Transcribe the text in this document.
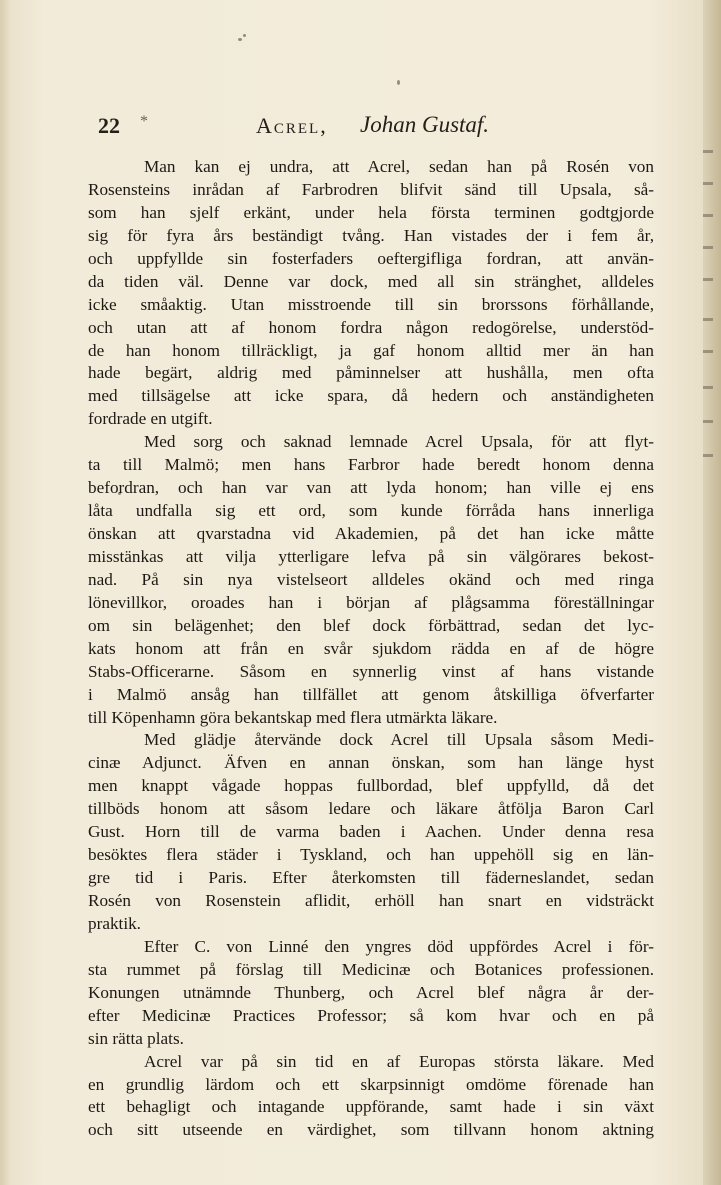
22 *	Acrel, Johan Gustaf.
Man kan ej undra, att Acrel, sedan han på Rosén von
Rosensteins inrådan af Farbrodren blifvit sänd till Upsala, så-
som han sjelf erkänt, under hela första terminen godtgjorde
sig för fyra års beständigt tvång. Han vistades der i fem år,
och uppfyllde sin fosterfaders oeftergifliga fordran, att använ-
da tiden väl. Denne var dock, med all sin stränghet, alldeles
icke småaktig. Utan misstroende till sin brorssons förhållande,
och utan att af honom fordra någon redogörelse, understöd-
de han honom tillräckligt, ja gaf honom alltid mer än han
hade begärt, aldrig med påminnelser att hushålla, men ofta
med tillsägelse att icke spara, då hedern och anständigheten
fordrade en utgift.
Med sorg och saknad lemnade Acrel Upsala, för att flyt-
ta till Malmö; men hans Farbror hade beredt honom denna
befordran, och han var van att lyda honom; han ville ej ens
låta undfalla sig ett ord, som kunde förråda hans innerliga
önskan att qvarstadna vid Akademien, på det han icke måtte
misstänkas att vilja ytterligare lefva på sin välgörares bekost-
nad. På sin nya vistelseort alldeles okänd och med ringa
lönevillkor, oroades han i början af plågsamma föreställningar
om sin belägenhet; den blef dock förbättrad, sedan det lyc-
kats honom att från en svår sjukdom rädda en af de högre
Stabs-Officerarne. Såsom en synnerlig vinst af hans vistande
i Malmö ansåg han tillfället att genom åtskilliga öfverfarter
till Köpenhamn göra bekantskap med flera utmärkta läkare.
Med glädje återvände dock Acrel till Upsala såsom Medi-
cinæ Adjunct. Äfven en annan önskan, som han länge hyst
men knappt vågade hoppas fullbordad, blef uppfylld, då det
tillböds honom att såsom ledare och läkare åtfölja Baron Carl
Gust. Horn till de varma baden i Aachen. Under denna resa
besöktes flera städer i Tyskland, och han uppehöll sig en län-
gre tid i Paris. Efter återkomsten till fäderneslandet, sedan
Rosén von Rosenstein aflidit, erhöll han snart en vidsträckt
praktik.
Efter C. von Linné den yngres död uppfördes Acrel i för-
sta rummet på förslag till Medicinæ och Botanices professionen.
Konungen utnämnde Thunberg, och Acrel blef några år der-
efter Medicinæ Practices Professor; så kom hvar och en på
sin rätta plats.
Acrel var på sin tid en af Europas största läkare. Med
en grundlig lärdom och ett skarpsinnigt omdöme förenade han
ett behagligt och intagande uppförande, samt hade i sin växt
och sitt utseende en värdighet, som tillvann honom aktning
